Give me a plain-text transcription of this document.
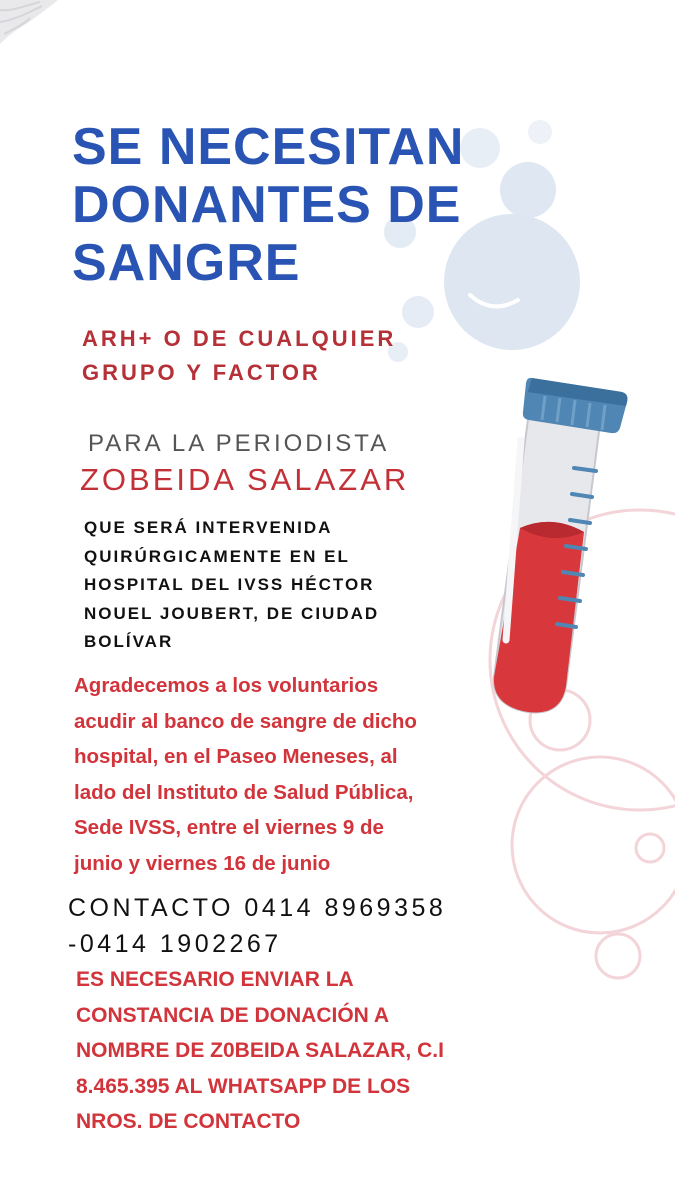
SE NECESITAN
DONANTES DE
SANGRE
ARH+ O DE CUALQUIER
GRUPO Y FACTOR
PARA LA PERIODISTA
ZOBEIDA SALAZAR
QUE SERÁ INTERVENIDA
QUIRÚRGICAMENTE EN EL
HOSPITAL DEL IVSS HÉCTOR
NOUEL JOUBERT, DE CIUDAD
BOLÍVAR
Agradecemos a los voluntarios
acudir al banco de sangre de dicho
hospital, en el Paseo Meneses, al
lado del Instituto de Salud Pública,
Sede IVSS, entre el viernes 9 de
junio y viernes 16 de junio
CONTACTO 0414 8969358
-0414 1902267
ES NECESARIO ENVIAR LA
CONSTANCIA DE DONACIÓN A
NOMBRE DE Z0BEIDA SALAZAR, C.I
8.465.395 AL WHATSAPP DE LOS
NROS. DE CONTACTO
